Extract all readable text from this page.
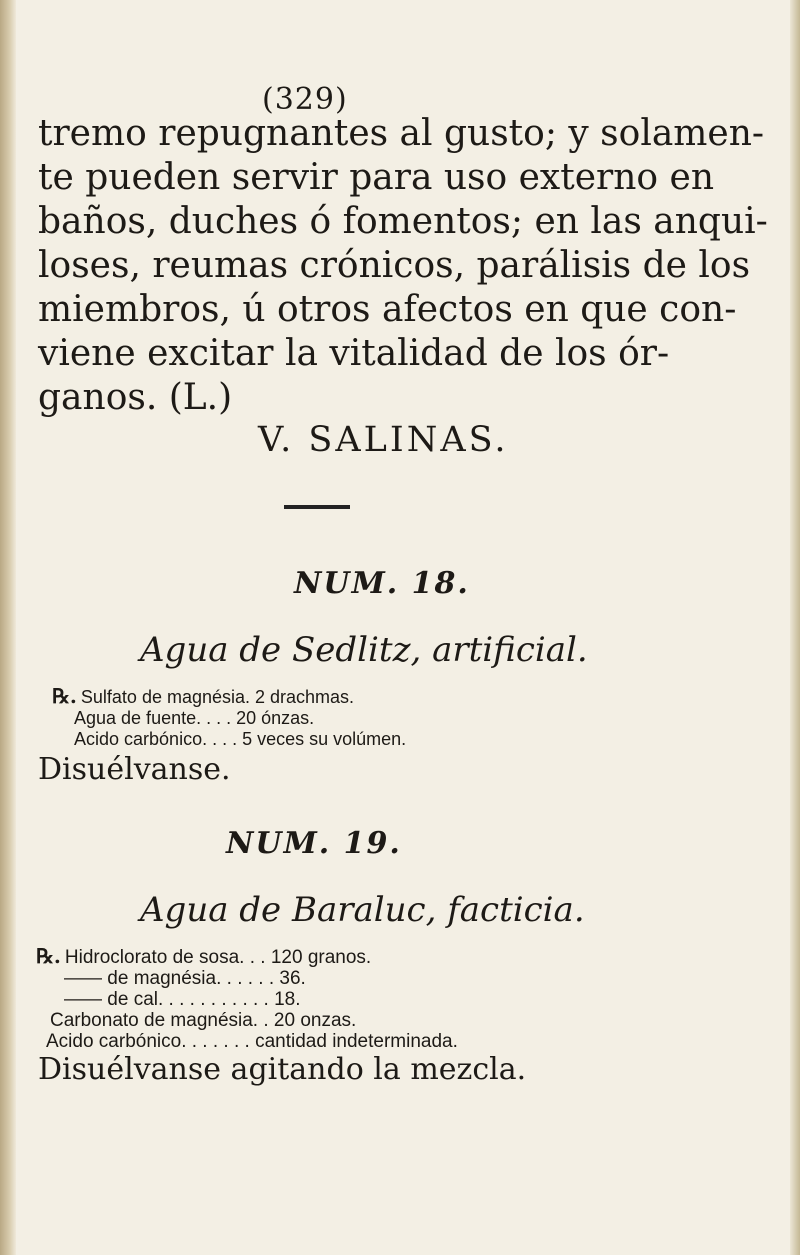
(329)
tremo repugnantes al gusto; y solamen-
te pueden servir para uso externo en
baños, duches ó fomentos; en las anqui-
loses, reumas crónicos, parálisis de los
miembros, ú otros afectos en que con-
viene excitar la vitalidad de los ór-
ganos. (L.)
V. SALINAS.
NUM. 18.
Agua de Sedlitz, artificial.
℞. Sulfato de magnésia. 2 drachmas.
Agua de fuente. . . . 20 ónzas.
Acido carbónico. . . . 5 veces su volúmen.
Disuélvanse.
NUM. 19.
Agua de Baraluc, facticia.
℞. Hidroclorato de sosa. . . 120 granos.
—— de magnésia. . . . . . 36.
—— de cal. . . . . . . . . . . 18.
Carbonato de magnésia. . 20 onzas.
Acido carbónico. . . . . . . cantidad indeterminada.
Disuélvanse agitando la mezcla.
